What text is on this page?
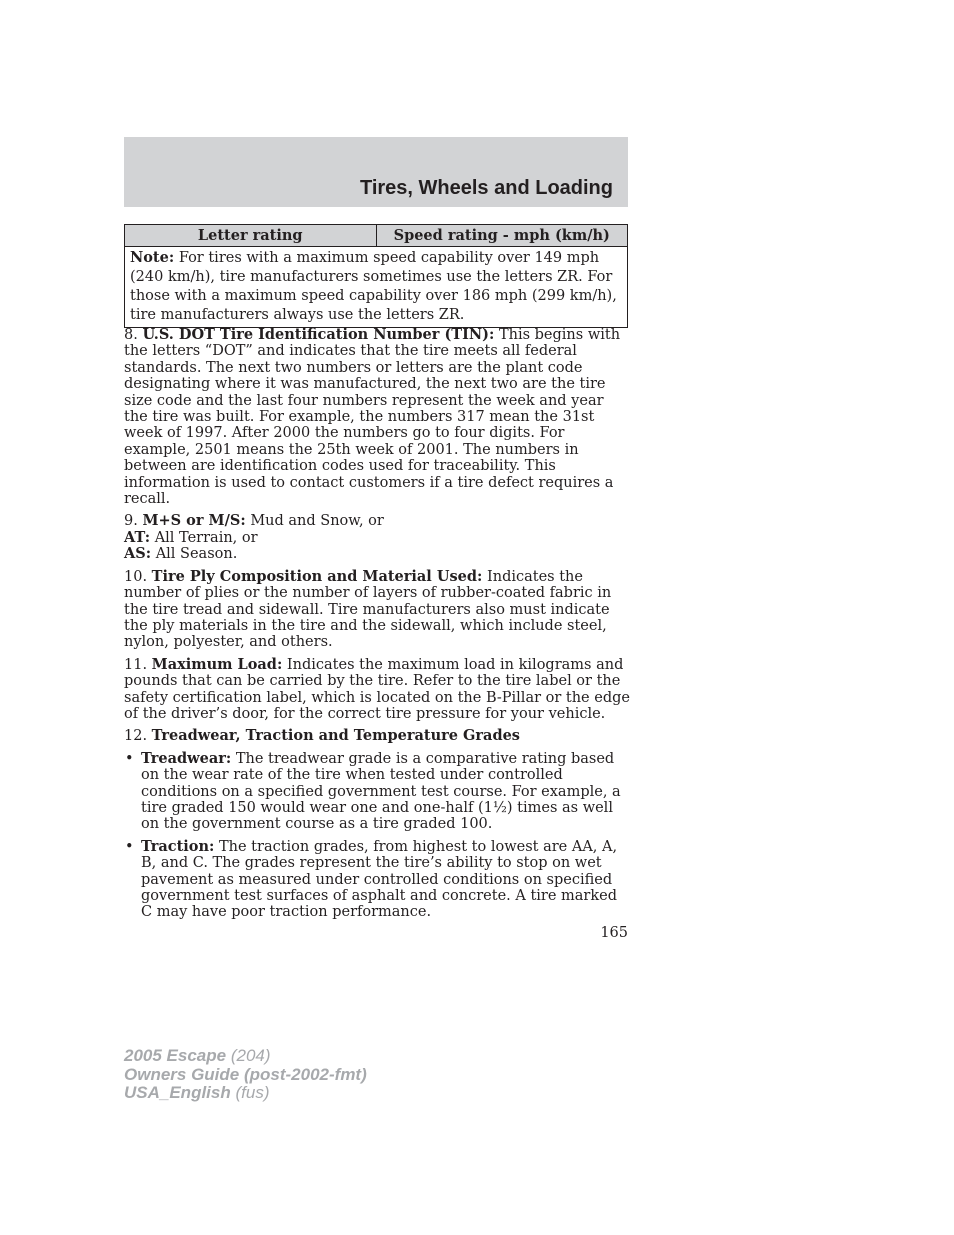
Tires, Wheels and Loading
Letter rating	Speed rating - mph (km/h)
Note: For tires with a maximum speed capability over 149 mph (240 km/h), tire manufacturers sometimes use the letters ZR. For those with a maximum speed capability over 186 mph (299 km/h), tire manufacturers always use the letters ZR.

8. U.S. DOT Tire Identification Number (TIN): This begins with the letters “DOT” and indicates that the tire meets all federal standards. The next two numbers or letters are the plant code designating where it was manufactured, the next two are the tire size code and the last four numbers represent the week and year the tire was built. For example, the numbers 317 mean the 31st week of 1997. After 2000 the numbers go to four digits. For example, 2501 means the 25th week of 2001. The numbers in between are identification codes used for traceability. This information is used to contact customers if a tire defect requires a recall.

9. M+S or M/S: Mud and Snow, or
AT: All Terrain, or
AS: All Season.

10. Tire Ply Composition and Material Used: Indicates the number of plies or the number of layers of rubber-coated fabric in the tire tread and sidewall. Tire manufacturers also must indicate the ply materials in the tire and the sidewall, which include steel, nylon, polyester, and others.

11. Maximum Load: Indicates the maximum load in kilograms and pounds that can be carried by the tire. Refer to the tire label or the safety certification label, which is located on the B-Pillar or the edge of the driver’s door, for the correct tire pressure for your vehicle.

12. Treadwear, Traction and Temperature Grades

• Treadwear: The treadwear grade is a comparative rating based on the wear rate of the tire when tested under controlled conditions on a specified government test course. For example, a tire graded 150 would wear one and one-half (1½) times as well on the government course as a tire graded 100.
• Traction: The traction grades, from highest to lowest are AA, A, B, and C. The grades represent the tire’s ability to stop on wet pavement as measured under controlled conditions on specified government test surfaces of asphalt and concrete. A tire marked C may have poor traction performance.
165
2005 Escape (204)
Owners Guide (post-2002-fmt)
USA_English (fus)
